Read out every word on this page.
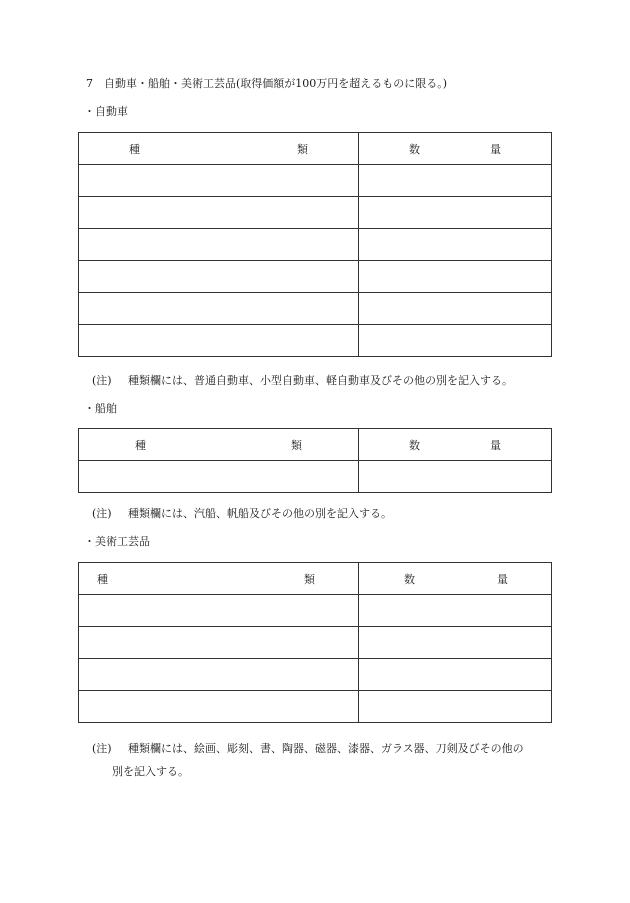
7 自動車・船舶・美術工芸品(取得価額が100万円を超えるものに限る。)
・自動車
種 類	数 量

(注) 種類欄には、普通自動車、小型自動車、軽自動車及びその他の別を記入する。
・船舶
種 類	数 量

(注) 種類欄には、汽船、帆船及びその他の別を記入する。
・美術工芸品
種 類	数 量

(注) 種類欄には、絵画、彫刻、書、陶器、磁器、漆器、ガラス器、刀剣及びその他の
別を記入する。
